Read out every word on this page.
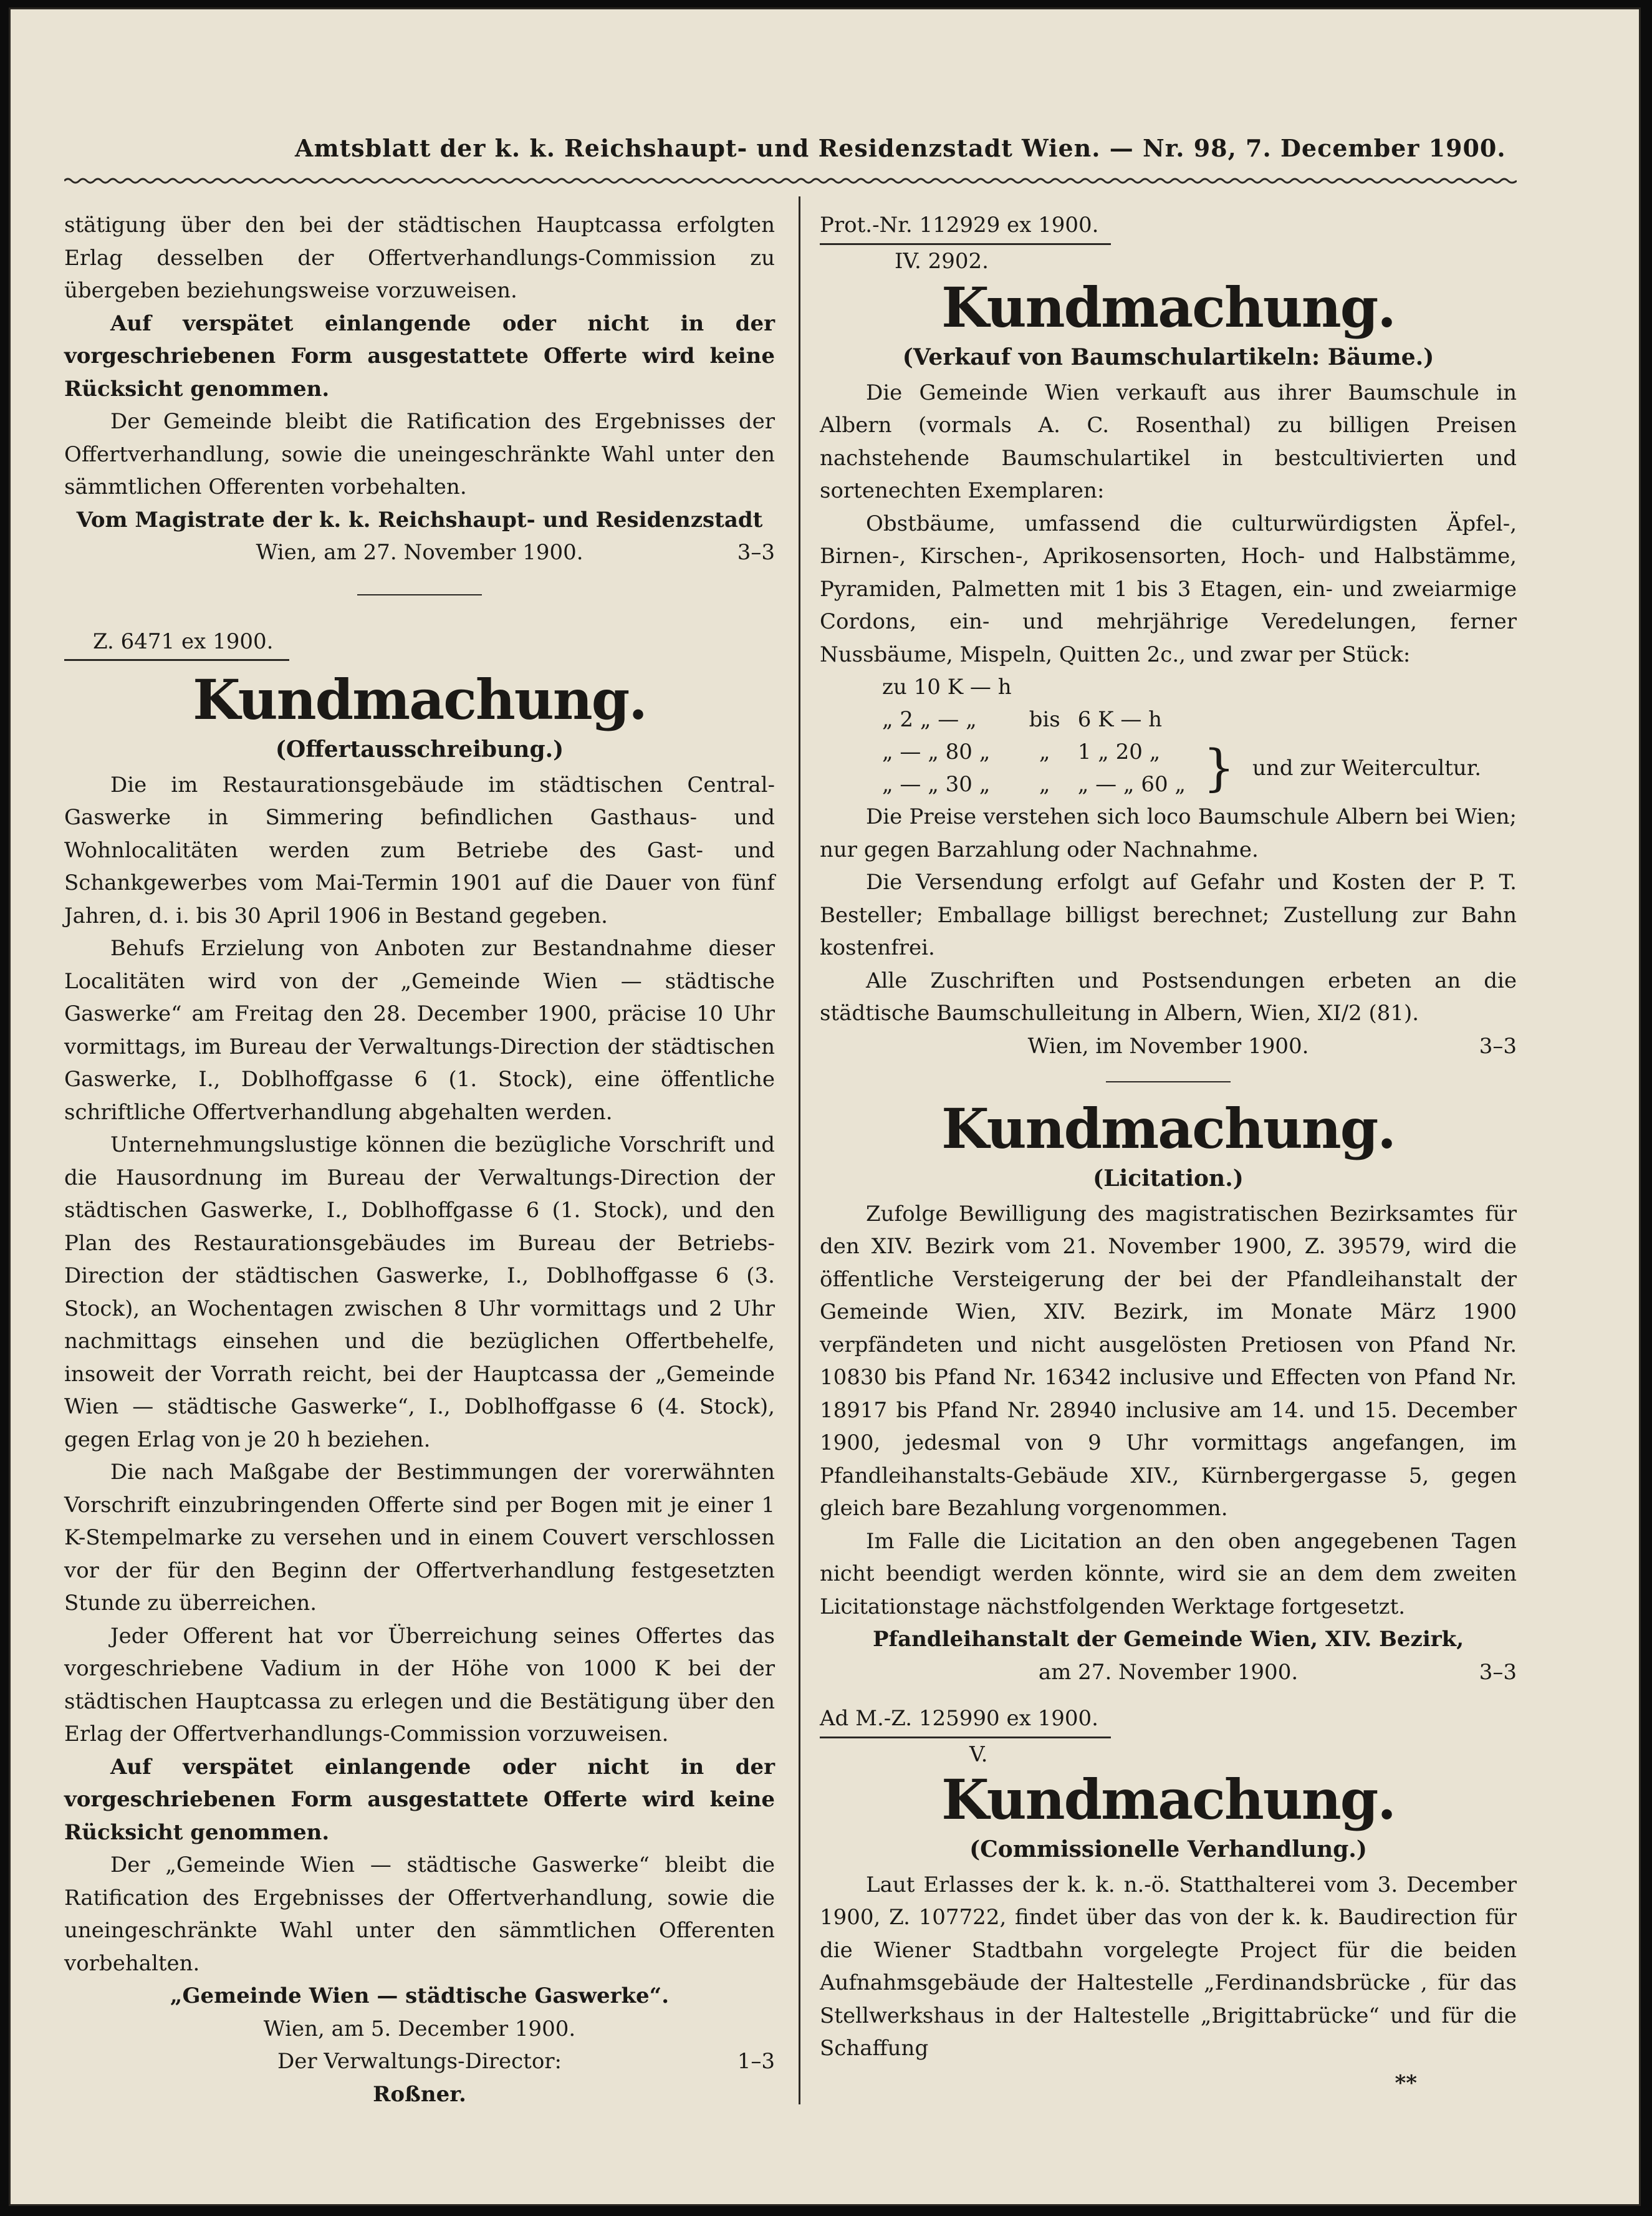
Amtsblatt der k. k. Reichshaupt- und Residenzstadt Wien. — Nr. 98, 7. December 1900.

stätigung über den bei der städtischen Hauptcassa erfolgten Erlag desselben der Offertverhandlungs-Commission zu übergeben beziehungsweise vorzuweisen.

Auf verspätet einlangende oder nicht in der vorgeschriebenen Form ausgestattete Offerte wird keine Rücksicht genommen.

Der Gemeinde bleibt die Ratification des Ergebnisses der Offertverhandlung, sowie die uneingeschränkte Wahl unter den sämmtlichen Offerenten vorbehalten.

Vom Magistrate der k. k. Reichshaupt- und Residenzstadt

Wien, am 27. November 1900.	3–3
Z. 6471 ex 1900.
Kundmachung.
(Offertausschreibung.)

Die im Restaurationsgebäude im städtischen Central-Gaswerke in Simmering befindlichen Gasthaus- und Wohnlocalitäten werden zum Betriebe des Gast- und Schankgewerbes vom Mai-Termin 1901 auf die Dauer von fünf Jahren, d. i. bis 30 April 1906 in Bestand gegeben.

Behufs Erzielung von Anboten zur Bestandnahme dieser Localitäten wird von der „Gemeinde Wien — städtische Gaswerke“ am Freitag den 28. December 1900, präcise 10 Uhr vormittags, im Bureau der Verwaltungs-Direction der städtischen Gaswerke, I., Doblhoffgasse 6 (1. Stock), eine öffentliche schriftliche Offertverhandlung abgehalten werden.

Unternehmungslustige können die bezügliche Vorschrift und die Hausordnung im Bureau der Verwaltungs-Direction der städtischen Gaswerke, I., Doblhoffgasse 6 (1. Stock), und den Plan des Restaurationsgebäudes im Bureau der Betriebs-Direction der städtischen Gaswerke, I., Doblhoffgasse 6 (3. Stock), an Wochentagen zwischen 8 Uhr vormittags und 2 Uhr nachmittags einsehen und die bezüglichen Offertbehelfe, insoweit der Vorrath reicht, bei der Hauptcassa der „Gemeinde Wien — städtische Gaswerke“, I., Doblhoffgasse 6 (4. Stock), gegen Erlag von je 20 h beziehen.

Die nach Maßgabe der Bestimmungen der vorerwähnten Vorschrift einzubringenden Offerte sind per Bogen mit je einer 1 K-Stempelmarke zu versehen und in einem Couvert verschlossen vor der für den Beginn der Offertverhandlung festgesetzten Stunde zu überreichen.

Jeder Offerent hat vor Überreichung seines Offertes das vorgeschriebene Vadium in der Höhe von 1000 K bei der städtischen Hauptcassa zu erlegen und die Bestätigung über den Erlag der Offertverhandlungs-Commission vorzuweisen.

Auf verspätet einlangende oder nicht in der vorgeschriebenen Form ausgestattete Offerte wird keine Rücksicht genommen.

Der „Gemeinde Wien — städtische Gaswerke“ bleibt die Ratification des Ergebnisses der Offertverhandlung, sowie die uneingeschränkte Wahl unter den sämmtlichen Offerenten vorbehalten.

„Gemeinde Wien — städtische Gaswerke“.

Wien, am 5. December 1900.

Der Verwaltungs-Director:	1–3

Roßner.

Prot.-Nr. 112929 ex 1900.

IV. 2902.

Kundmachung.
(Verkauf von Baumschulartikeln: Bäume.)

Die Gemeinde Wien verkauft aus ihrer Baumschule in Albern (vormals A. C. Rosenthal) zu billigen Preisen nachstehende Baumschulartikel in bestcultivierten und sortenechten Exemplaren:

Obstbäume, umfassend die culturwürdigsten Äpfel-, Birnen-, Kirschen-, Aprikosensorten, Hoch- und Halbstämme, Pyramiden, Palmetten mit 1 bis 3 Etagen, ein- und zweiarmige Cordons, ein- und mehrjährige Veredelungen, ferner Nussbäume, Mispeln, Quitten 2c., und zwar per Stück:

zu 10 K — h				
„ 2 „ — „	bis	6 K — h		
„ — „ 80 „	„	1 „ 20 „	}	und zur Weitercultur.
„ — „ 30 „	„	„ — „ 60 „		

Die Preise verstehen sich loco Baumschule Albern bei Wien; nur gegen Barzahlung oder Nachnahme.

Die Versendung erfolgt auf Gefahr und Kosten der P. T. Besteller; Emballage billigst berechnet; Zustellung zur Bahn kostenfrei.

Alle Zuschriften und Postsendungen erbeten an die städtische Baumschulleitung in Albern, Wien, XI/2 (81).

Wien, im November 1900.	3–3
Kundmachung.
(Licitation.)

Zufolge Bewilligung des magistratischen Bezirksamtes für den XIV. Bezirk vom 21. November 1900, Z. 39579, wird die öffentliche Versteigerung der bei der Pfandleihanstalt der Gemeinde Wien, XIV. Bezirk, im Monate März 1900 verpfändeten und nicht ausgelösten Pretiosen von Pfand Nr. 10830 bis Pfand Nr. 16342 inclusive und Effecten von Pfand Nr. 18917 bis Pfand Nr. 28940 inclusive am 14. und 15. December 1900, jedesmal von 9 Uhr vormittags angefangen, im Pfandleihanstalts-Gebäude XIV., Kürnbergergasse 5, gegen gleich bare Bezahlung vorgenommen.

Im Falle die Licitation an den oben angegebenen Tagen nicht beendigt werden könnte, wird sie an dem dem zweiten Licitationstage nächstfolgenden Werktage fortgesetzt.

Pfandleihanstalt der Gemeinde Wien, XIV. Bezirk,

am 27. November 1900.	3–3
Ad M.-Z. 125990 ex 1900.

V.

Kundmachung.
(Commissionelle Verhandlung.)

Laut Erlasses der k. k. n.-ö. Statthalterei vom 3. December 1900, Z. 107722, findet über das von der k. k. Baudirection für die Wiener Stadtbahn vorgelegte Project für die beiden Aufnahmsgebäude der Haltestelle „Ferdinandsbrücke , für das Stellwerkshaus in der Haltestelle „Brigittabrücke“ und für die Schaffung

**
